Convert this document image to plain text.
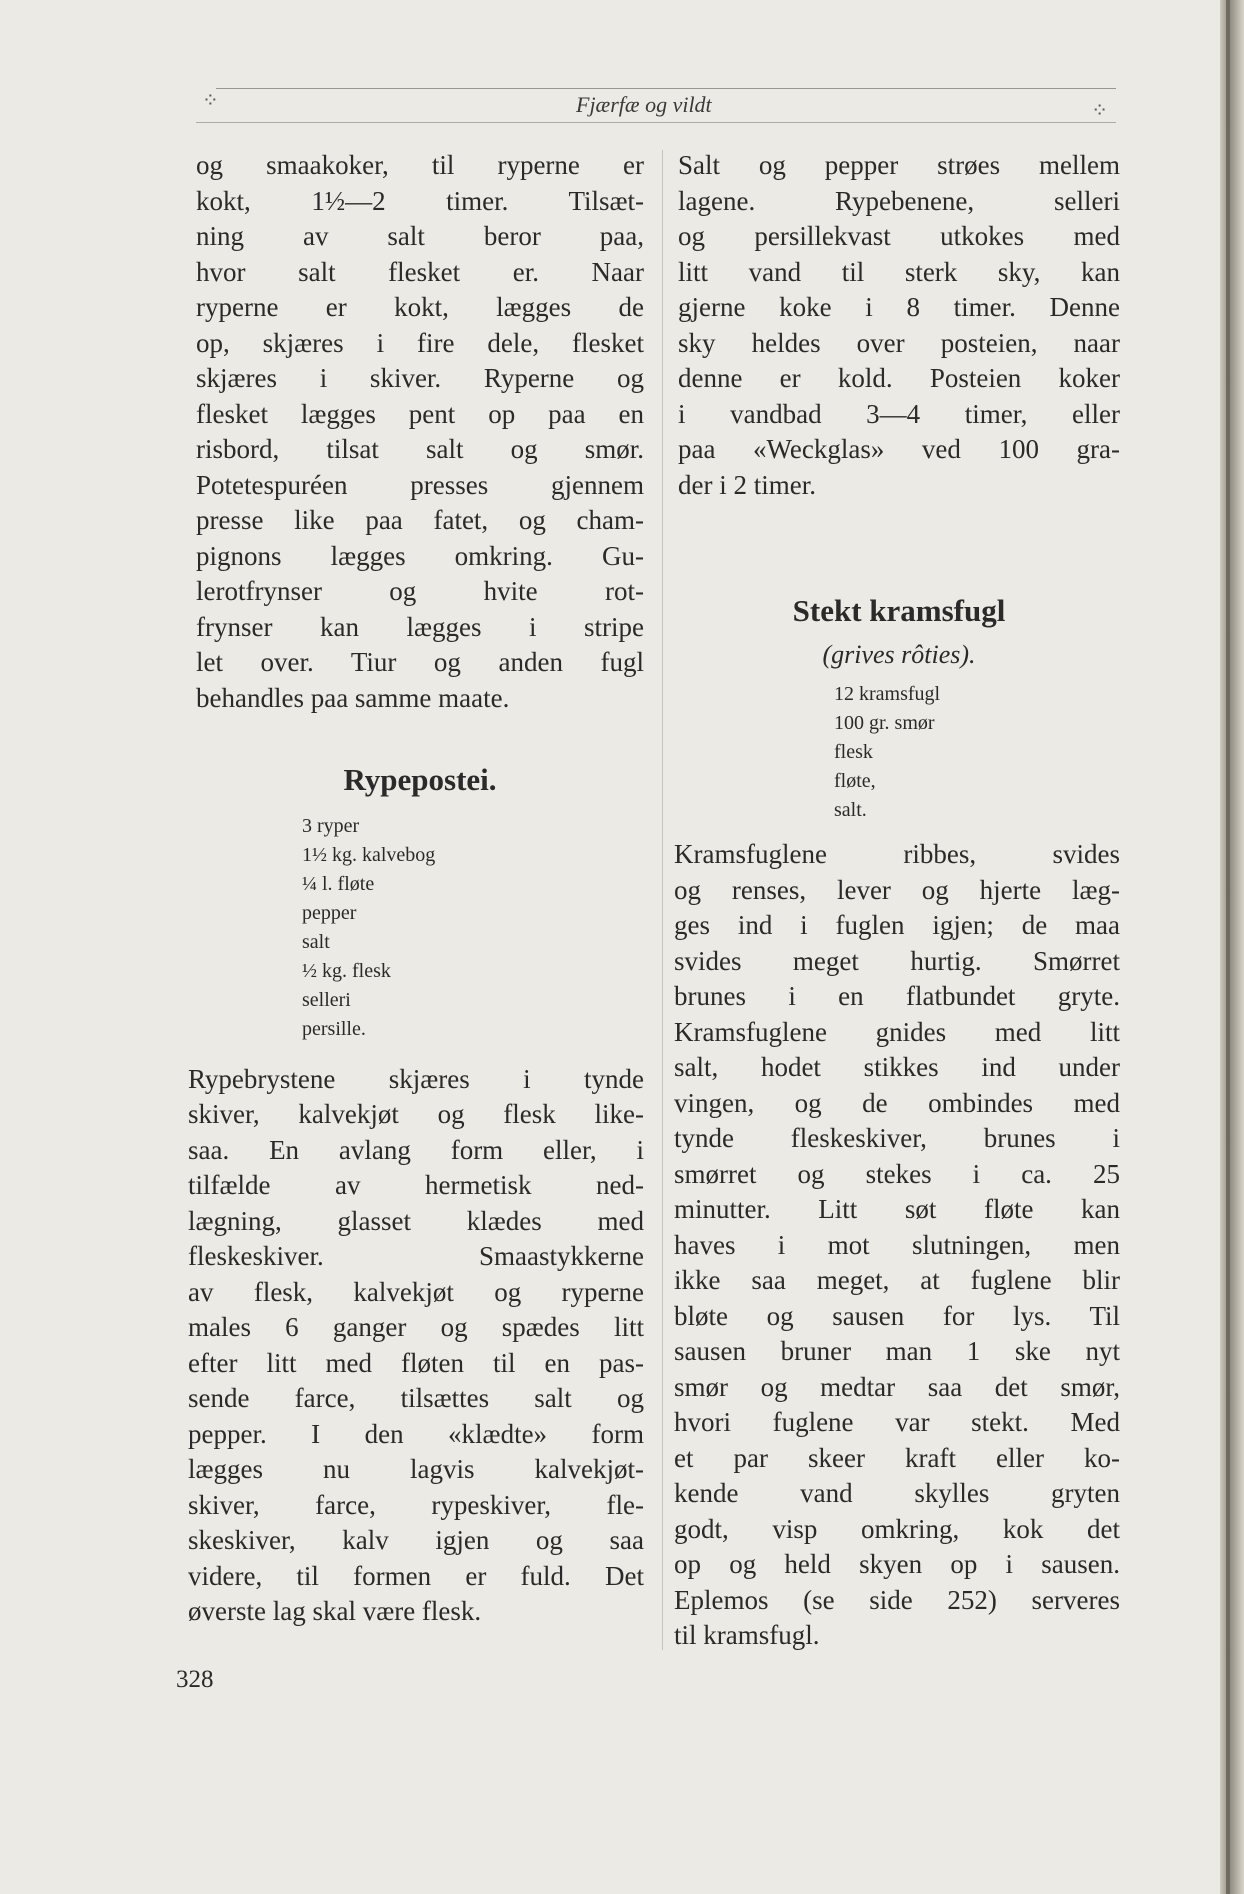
⁘	Fjærfæ og vildt	⁘
og smaakoker, til ryperne er
kokt, 1½—2 timer. Tilsæt-
ning av salt beror paa,
hvor salt flesket er. Naar
ryperne er kokt, lægges de
op, skjæres i fire dele, flesket
skjæres i skiver. Ryperne og
flesket lægges pent op paa en
risbord, tilsat salt og smør.
Potetespuréen presses gjennem
presse like paa fatet, og cham-
pignons lægges omkring. Gu-
lerotfrynser og hvite rot-
frynser kan lægges i stripe
let over. Tiur og anden fugl
behandles paa samme maate.
Rypepostei.
3 ryper
1½ kg. kalvebog
¼ l. fløte
pepper
salt
½ kg. flesk
selleri
persille.
Rypebrystene skjæres i tynde
skiver, kalvekjøt og flesk like-
saa. En avlang form eller, i
tilfælde av hermetisk ned-
lægning, glasset klædes med
fleskeskiver. Smaastykkerne
av flesk, kalvekjøt og ryperne
males 6 ganger og spædes litt
efter litt med fløten til en pas-
sende farce, tilsættes salt og
pepper. I den «klædte» form
lægges nu lagvis kalvekjøt-
skiver, farce, rypeskiver, fle-
skeskiver, kalv igjen og saa
videre, til formen er fuld. Det
øverste lag skal være flesk.
Salt og pepper strøes mellem
lagene. Rypebenene, selleri
og persillekvast utkokes med
litt vand til sterk sky, kan
gjerne koke i 8 timer. Denne
sky heldes over posteien, naar
denne er kold. Posteien koker
i vandbad 3—4 timer, eller
paa «Weckglas» ved 100 gra-
der i 2 timer.
Stekt kramsfugl

(grives rôties).

12 kramsfugl
100 gr. smør
flesk
fløte,
salt.
Kramsfuglene ribbes, svides
og renses, lever og hjerte læg-
ges ind i fuglen igjen; de maa
svides meget hurtig. Smørret
brunes i en flatbundet gryte.
Kramsfuglene gnides med litt
salt, hodet stikkes ind under
vingen, og de ombindes med
tynde fleskeskiver, brunes i
smørret og stekes i ca. 25
minutter. Litt søt fløte kan
haves i mot slutningen, men
ikke saa meget, at fuglene blir
bløte og sausen for lys. Til
sausen bruner man 1 ske nyt
smør og medtar saa det smør,
hvori fuglene var stekt. Med
et par skeer kraft eller ko-
kende vand skylles gryten
godt, visp omkring, kok det
op og held skyen op i sausen.
Eplemos (se side 252) serveres
til kramsfugl.
328
